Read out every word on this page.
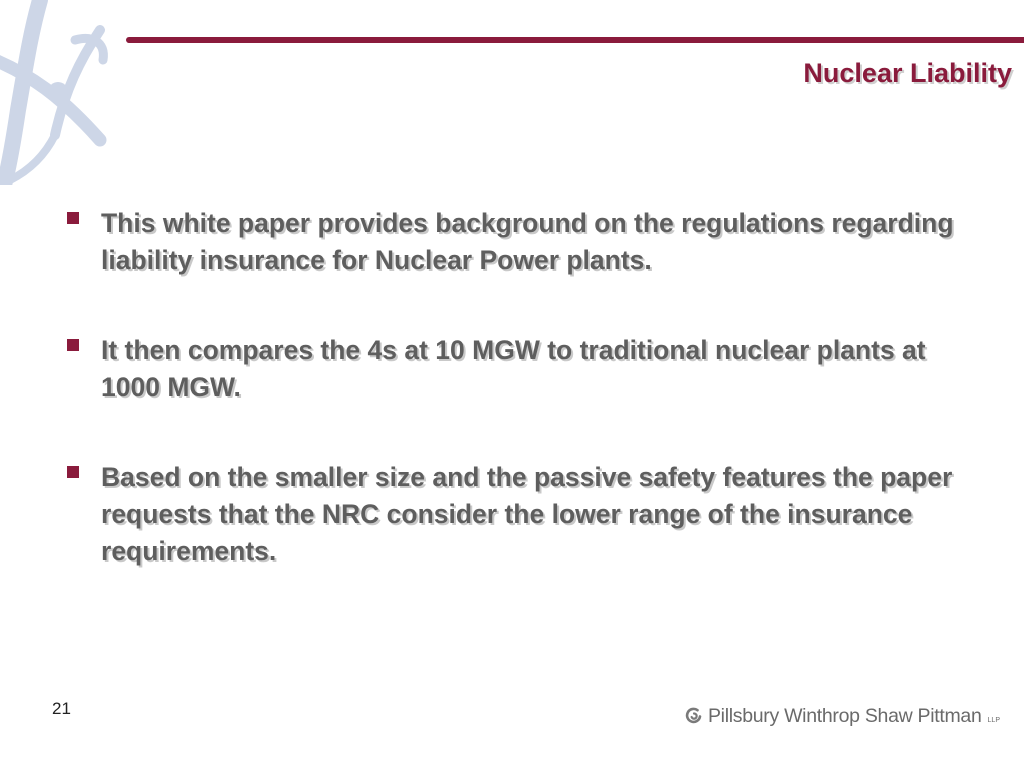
Nuclear Liability
This white paper provides background on the regulations regarding liability insurance for Nuclear Power plants.
It then compares the 4s at 10 MGW to traditional nuclear plants at 1000 MGW.
Based on the smaller size and the passive safety features the paper requests that the NRC consider the lower range of the insurance requirements.
21	Pillsbury Winthrop Shaw Pittman LLP
